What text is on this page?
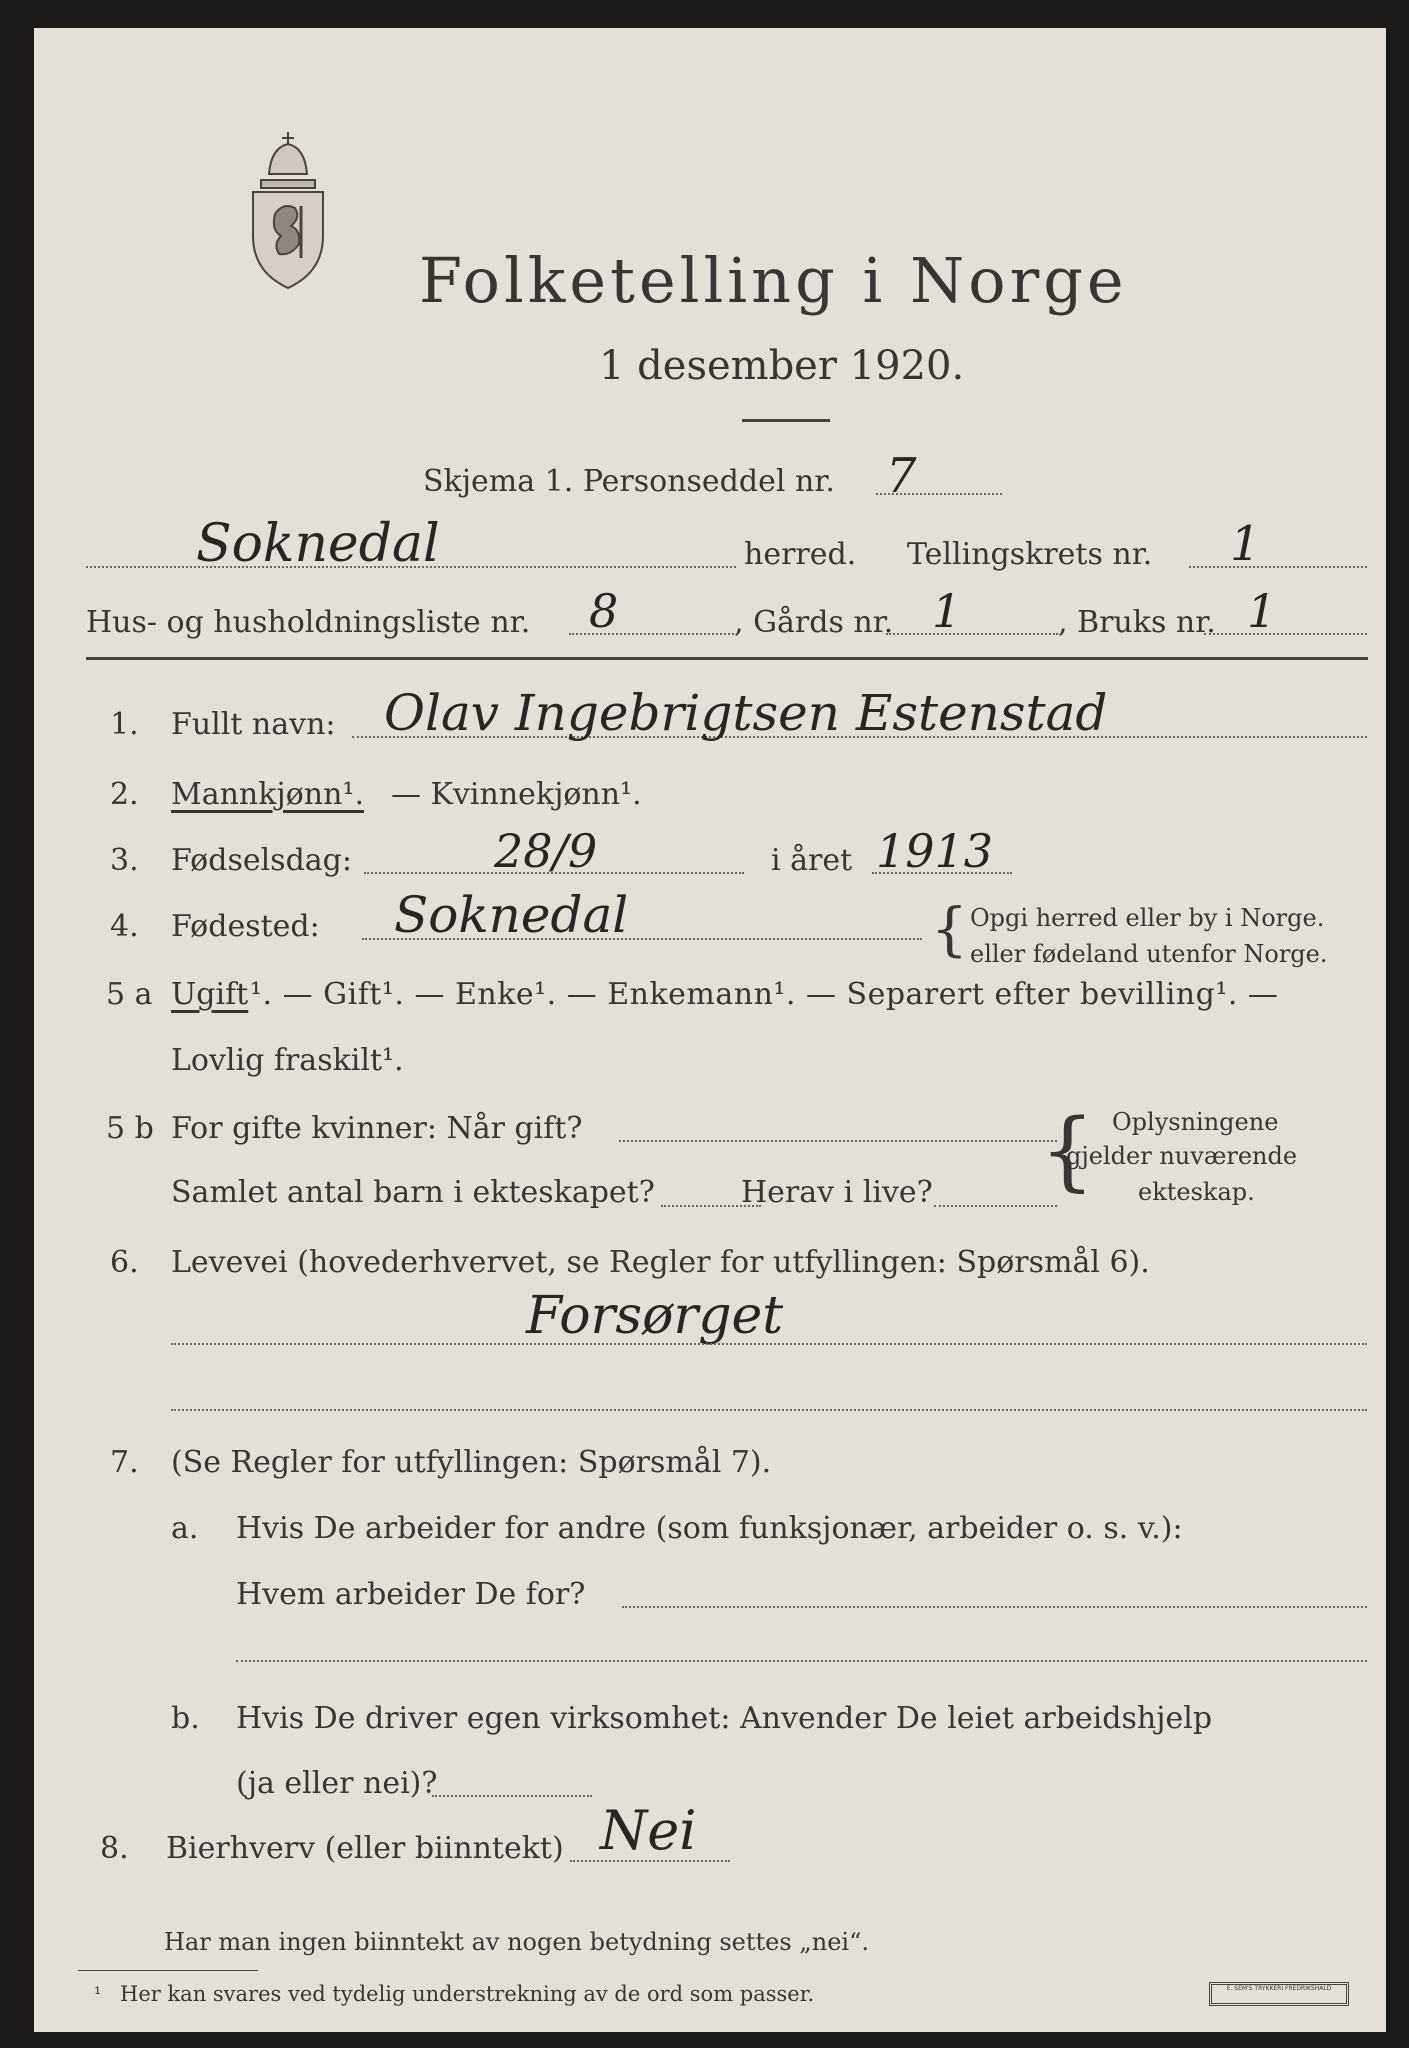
Folketelling i Norge
1 desember 1920.
Skjema 1. Personseddel nr. 7
Soknedal	herred. Tellingskrets nr. 1
Hus- og husholdningsliste nr. 8	, Gårds nr. 1	, Bruks nr. 1
1. Fullt navn: Olav Ingebrigtsen Estenstad
2. Mannkjønn¹. — Kvinnekjønn¹.
3. Fødselsdag:	28/9	i året 1913
4. Fødested: Soknedal	{ Opgi herred eller by i Norge.
eller fødeland utenfor Norge.
5 a Ugift ¹. — Gift¹. — Enke¹. — Enkemann¹. — Separert efter bevilling¹. —
Lovlig fraskilt¹.
5 b For gifte kvinner: Når gift?
Samlet antal barn i ekteskapet?	Herav i live? { Oplysningene
gjelder nuværende
ekteskap.
6. Levevei (hovederhvervet, se Regler for utfyllingen: Spørsmål 6).
Forsørget
7. (Se Regler for utfyllingen: Spørsmål 7).
a. Hvis De arbeider for andre (som funksjonær, arbeider o. s. v.):
Hvem arbeider De for?
b. Hvis De driver egen virksomhet: Anvender De leiet arbeidshjelp
(ja eller nei)?
8. Bierhverv (eller biinntekt) Nei
Har man ingen biinntekt av nogen betydning settes „nei“.
¹ Her kan svares ved tydelig understrekning av de ord som passer.	E. SEM'S TRYKKERI FREDRIKSHALD
